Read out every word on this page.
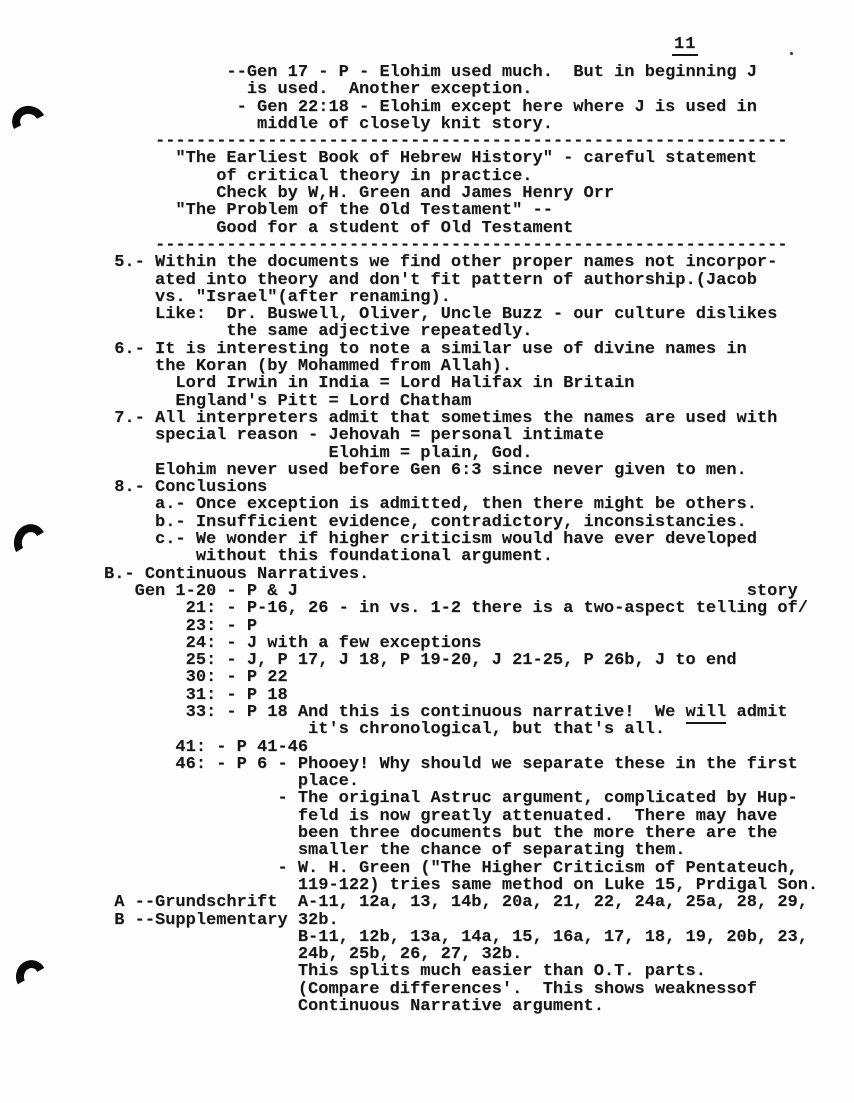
11
--Gen 17 - P - Elohim used much.  But in beginning J
is used.  Another exception.
- Gen 22:18 - Elohim except here where J is used in
middle of closely knit story.
--------------------------------------------------------------
"The Earliest Book of Hebrew History" - careful statement
of critical theory in practice.
Check by W,H. Green and James Henry Orr
"The Problem of the Old Testament" --
Good for a student of Old Testament
--------------------------------------------------------------
5.- Within the documents we find other proper names not incorpor-
ated into theory and don't fit pattern of authorship.(Jacob
vs. "Israel"(after renaming).
Like:  Dr. Buswell, Oliver, Uncle Buzz - our culture dislikes
the same adjective repeatedly.
6.- It is interesting to note a similar use of divine names in
the Koran (by Mohammed from Allah).
Lord Irwin in India = Lord Halifax in Britain
England's Pitt = Lord Chatham
7.- All interpreters admit that sometimes the names are used with
special reason - Jehovah = personal intimate
Elohim = plain, God.
Elohim never used before Gen 6:3 since never given to men.
8.- Conclusions
a.- Once exception is admitted, then there might be others.
b.- Insufficient evidence, contradictory, inconsistancies.
c.- We wonder if higher criticism would have ever developed
without this foundational argument.
B.- Continuous Narratives.
Gen 1-20 - P & J                                            story
21: - P-16, 26 - in vs. 1-2 there is a two-aspect telling of/
23: - P
24: - J with a few exceptions
25: - J, P 17, J 18, P 19-20, J 21-25, P 26b, J to end
30: - P 22
31: - P 18
33: - P 18 And this is continuous narrative!  We will admit
it's chronological, but that's all.
41: - P 41-46
46: - P 6 - Phooey! Why should we separate these in the first
place.
- The original Astruc argument, complicated by Hup-
feld is now greatly attenuated.  There may have
been three documents but the more there are the
smaller the chance of separating them.
- W. H. Green ("The Higher Criticism of Pentateuch,
119-122) tries same method on Luke 15, Prdigal Son.
A --Grundschrift  A-11, 12a, 13, 14b, 20a, 21, 22, 24a, 25a, 28, 29,
B --Supplementary 32b.
B-11, 12b, 13a, 14a, 15, 16a, 17, 18, 19, 20b, 23,
24b, 25b, 26, 27, 32b.
This splits much easier than O.T. parts.
(Compare differences'.  This shows weaknessof
Continuous Narrative argument.
